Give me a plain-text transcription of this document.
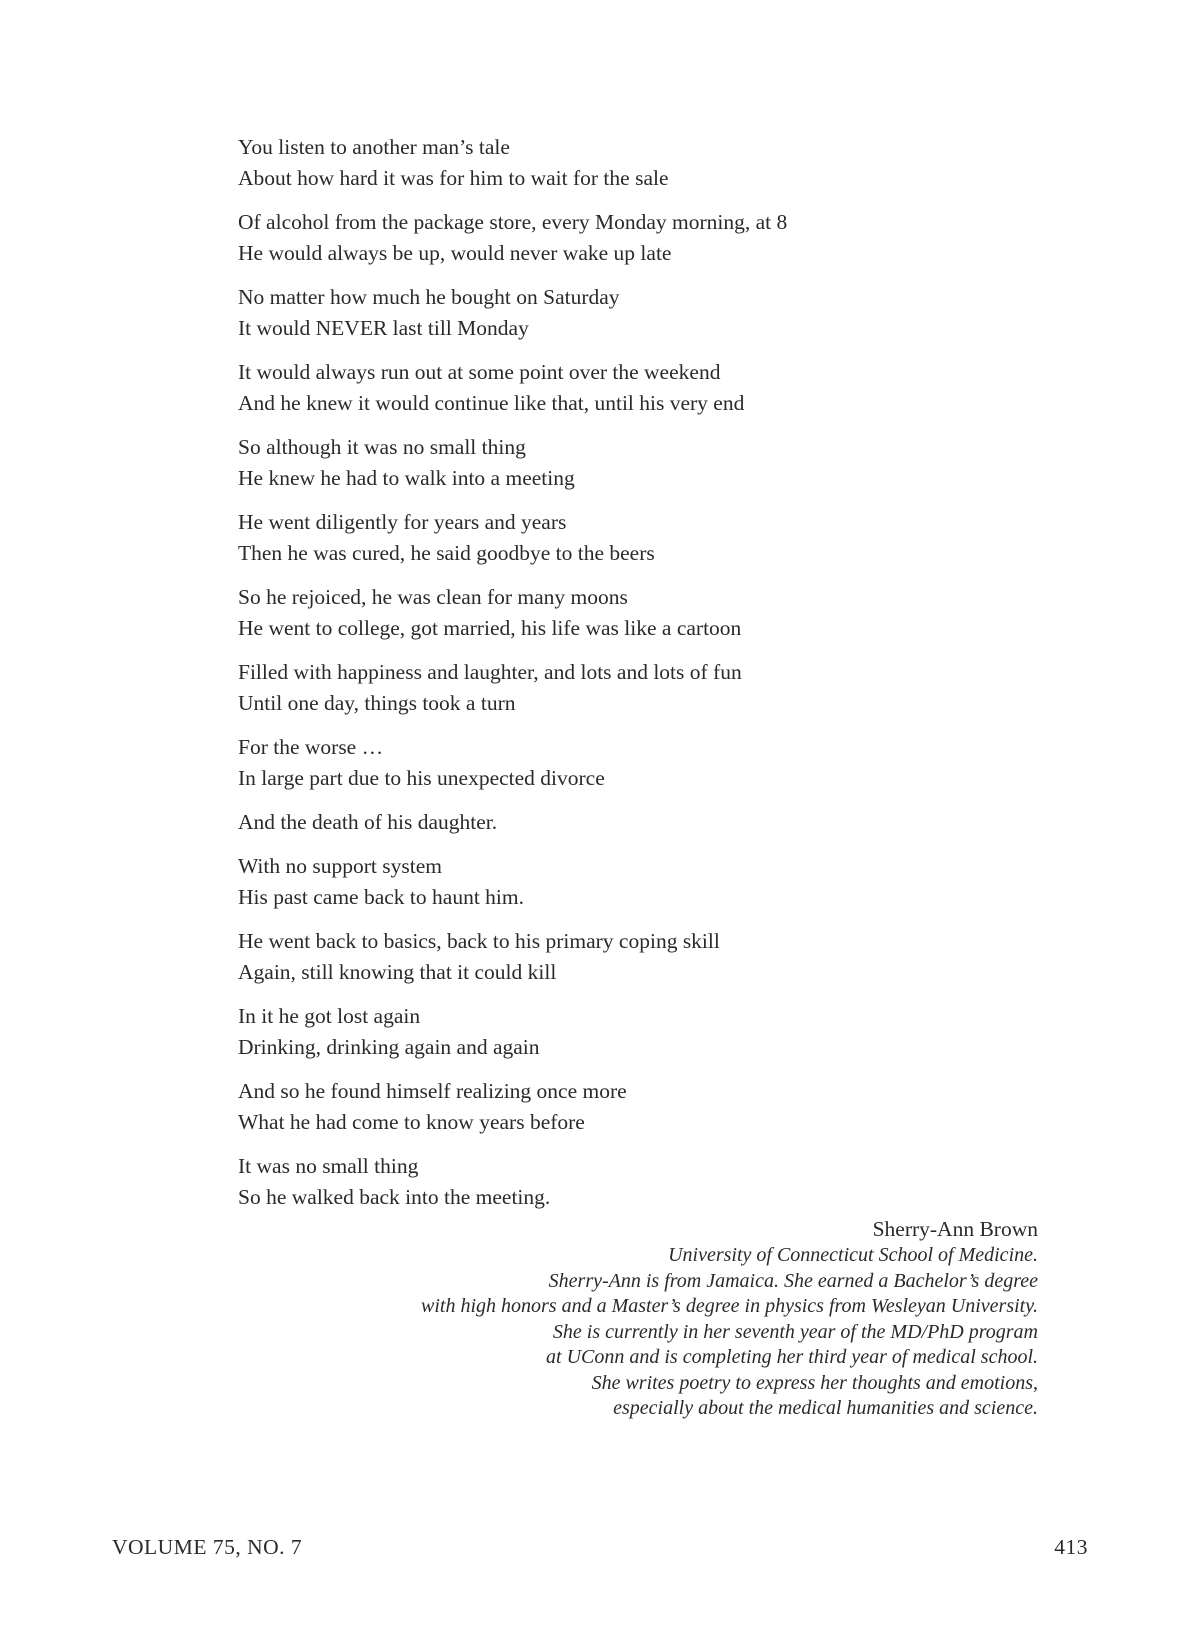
You listen to another man’s tale
About how hard it was for him to wait for the sale
Of alcohol from the package store, every Monday morning, at 8
He would always be up, would never wake up late
No matter how much he bought on Saturday
It would NEVER last till Monday
It would always run out at some point over the weekend
And he knew it would continue like that, until his very end
So although it was no small thing
He knew he had to walk into a meeting
He went diligently for years and years
Then he was cured, he said goodbye to the beers
So he rejoiced, he was clean for many moons
He went to college, got married, his life was like a cartoon
Filled with happiness and laughter, and lots and lots of fun
Until one day, things took a turn
For the worse …
In large part due to his unexpected divorce
And the death of his daughter.
With no support system
His past came back to haunt him.
He went back to basics, back to his primary coping skill
Again, still knowing that it could kill
In it he got lost again
Drinking, drinking again and again
And so he found himself realizing once more
What he had come to know years before
It was no small thing
So he walked back into the meeting.
Sherry-Ann Brown
University of Connecticut School of Medicine.
Sherry-Ann is from Jamaica. She earned a Bachelor’s degree
with high honors and a Master’s degree in physics from Wesleyan University.
She is currently in her seventh year of the MD/PhD program
at UConn and is completing her third year of medical school.
She writes poetry to express her thoughts and emotions,
especially about the medical humanities and science.
VOLUME 75, NO. 7	413
